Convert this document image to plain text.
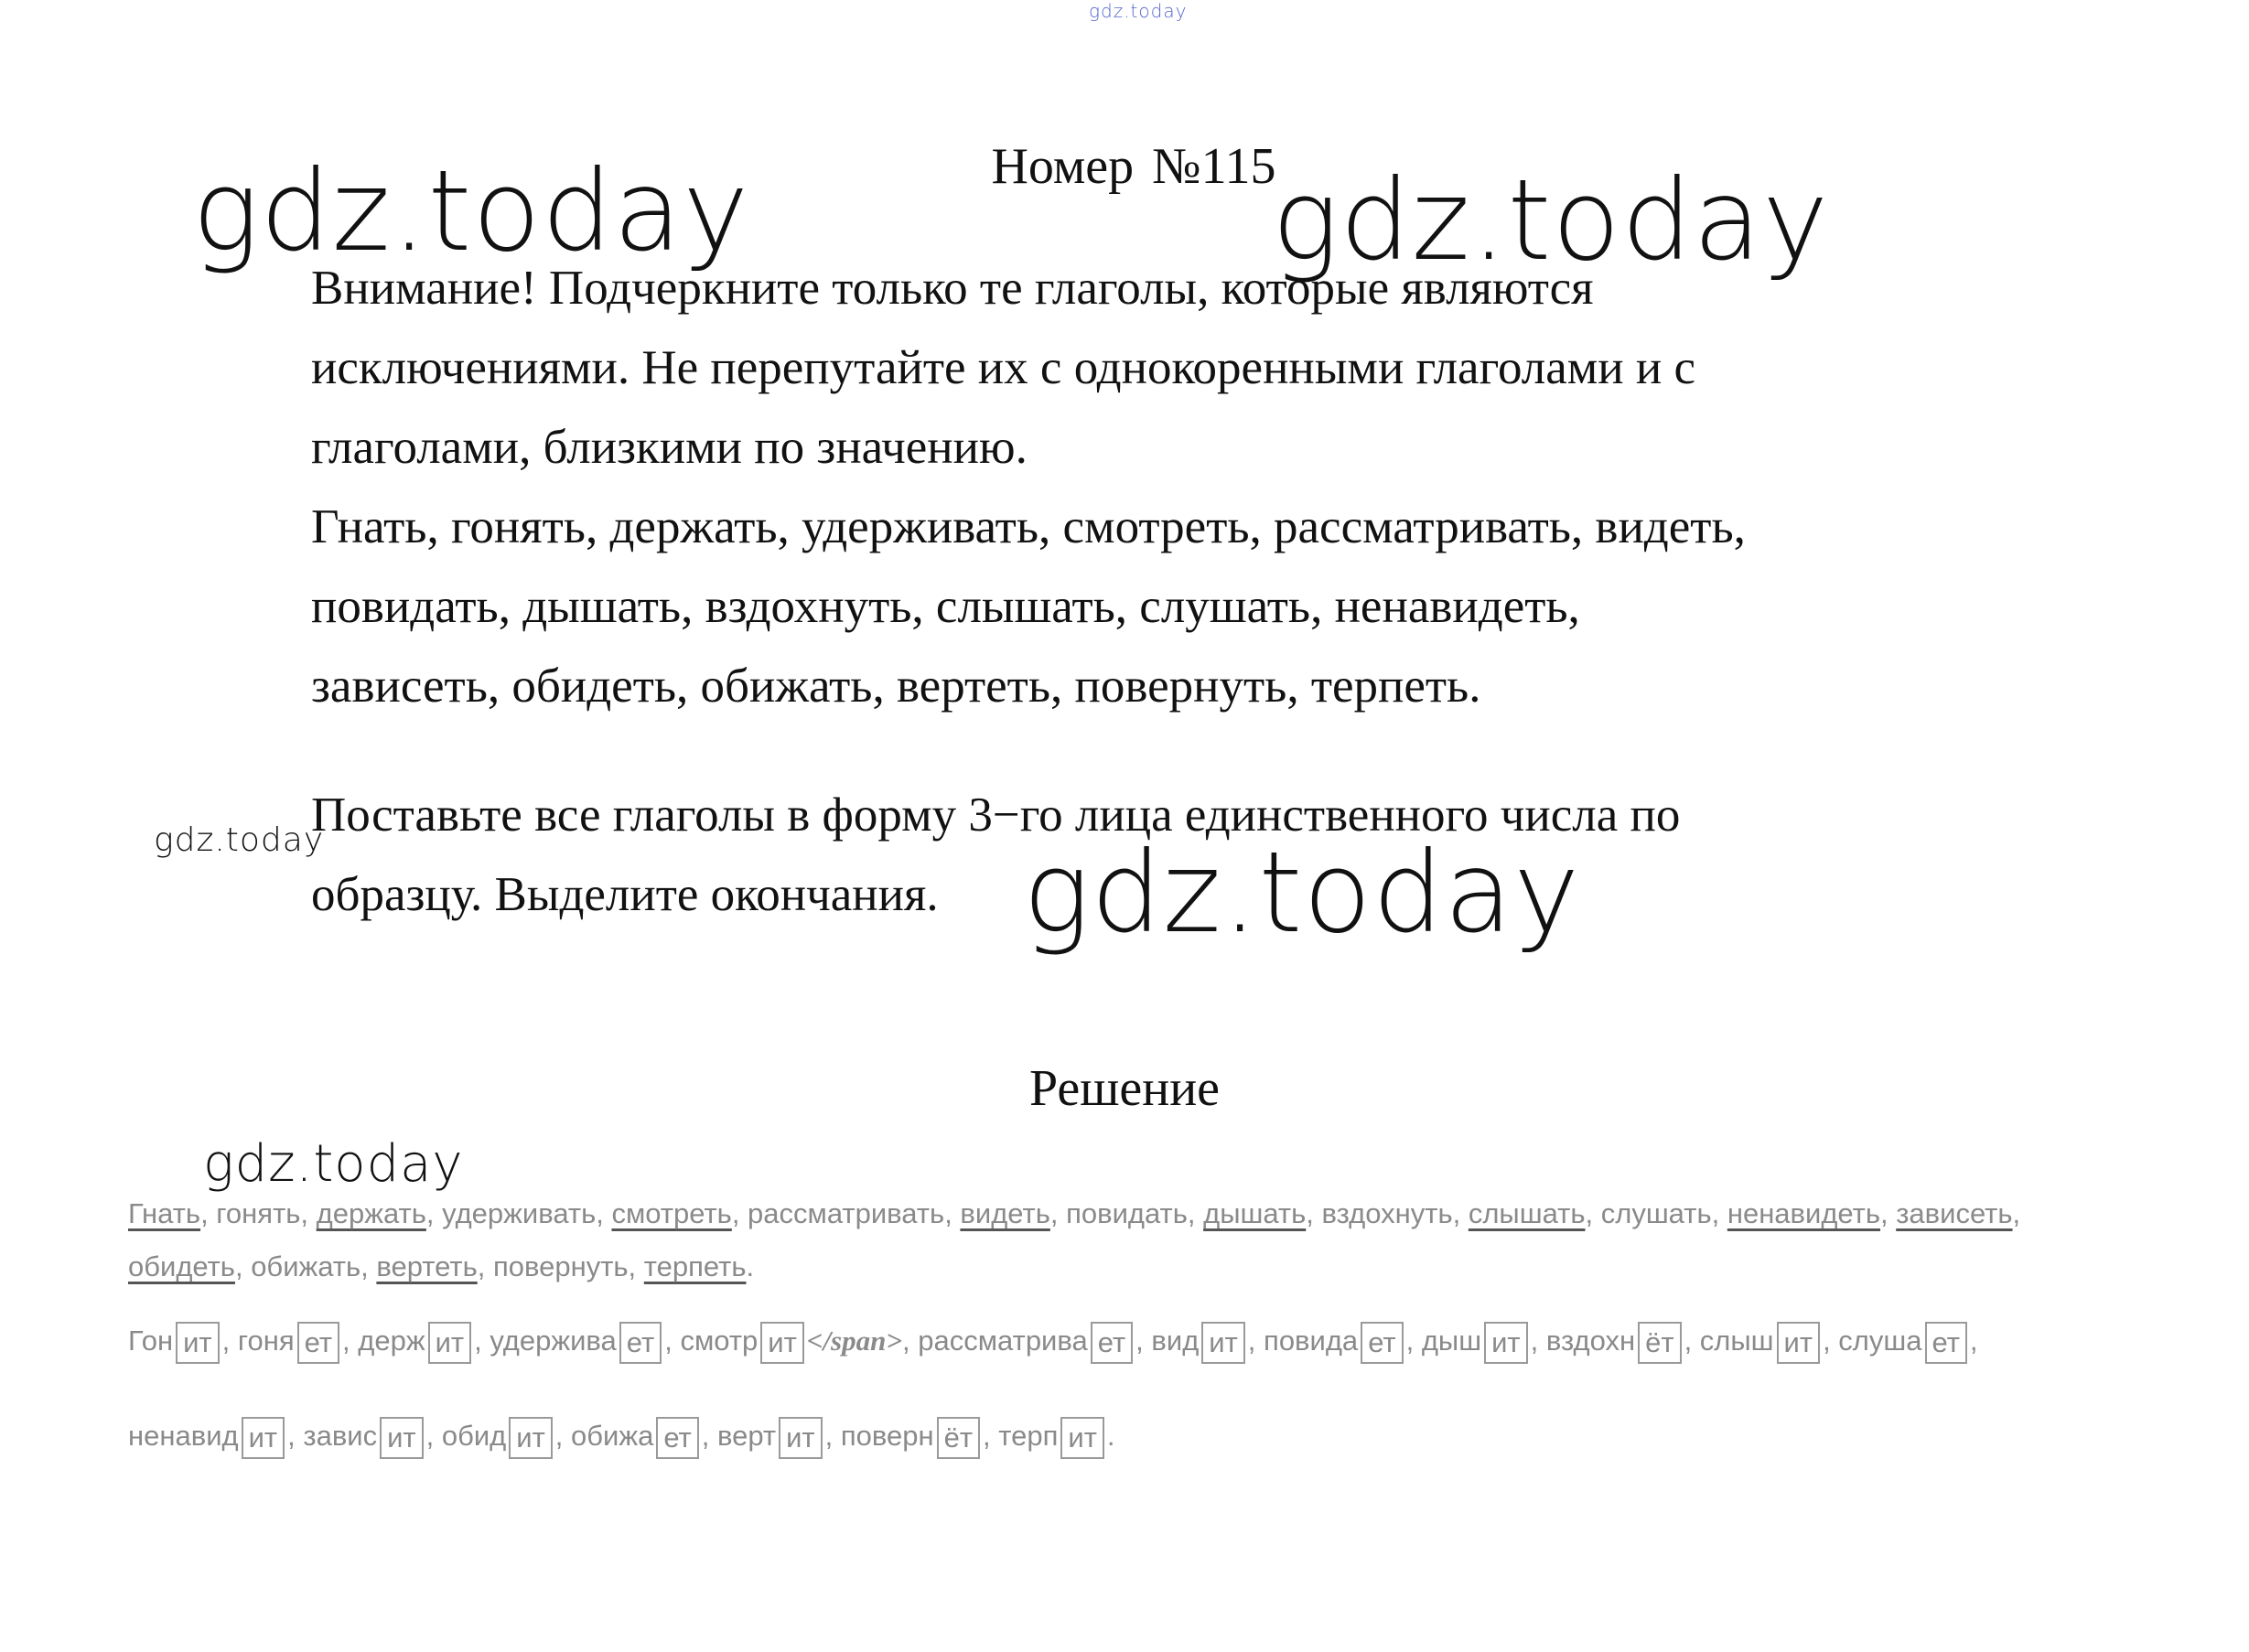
gdz.today
gdz.today	gdz.today
gdz.today	gdz.today
gdz.today
Номер №115
Внимание! Подчеркните только те глаголы, которые являются
исключениями. Не перепутайте их с однокоренными глаголами и с
глаголами, близкими по значению.
Гнать, гонять, держать, удерживать, смотреть, рассматривать, видеть,
повидать, дышать, вздохнуть, слышать, слушать, ненавидеть,
зависеть, обидеть, обижать, вертеть, повернуть, терпеть.
Поставьте все глаголы в форму 3−го лица единственного числа по
образцу. Выделите окончания.
Решение
Гнать, гонять, держать, удерживать, смотреть, рассматривать, видеть, повидать, дышать, вздохнуть, слышать, слушать, ненавидеть, зависеть,
обидеть, обижать, вертеть, повернуть, терпеть.
Гон ит , гоня ет , держ ит , удержива ет , смотр ит </span>, рассматрива ет , вид ит , повида ет , дыш ит , вздохн ёт , слыш ит , слуша ет ,
ненавид ит , завис ит , обид ит , обижа ет , верт ит , поверн ёт , терп ит .
